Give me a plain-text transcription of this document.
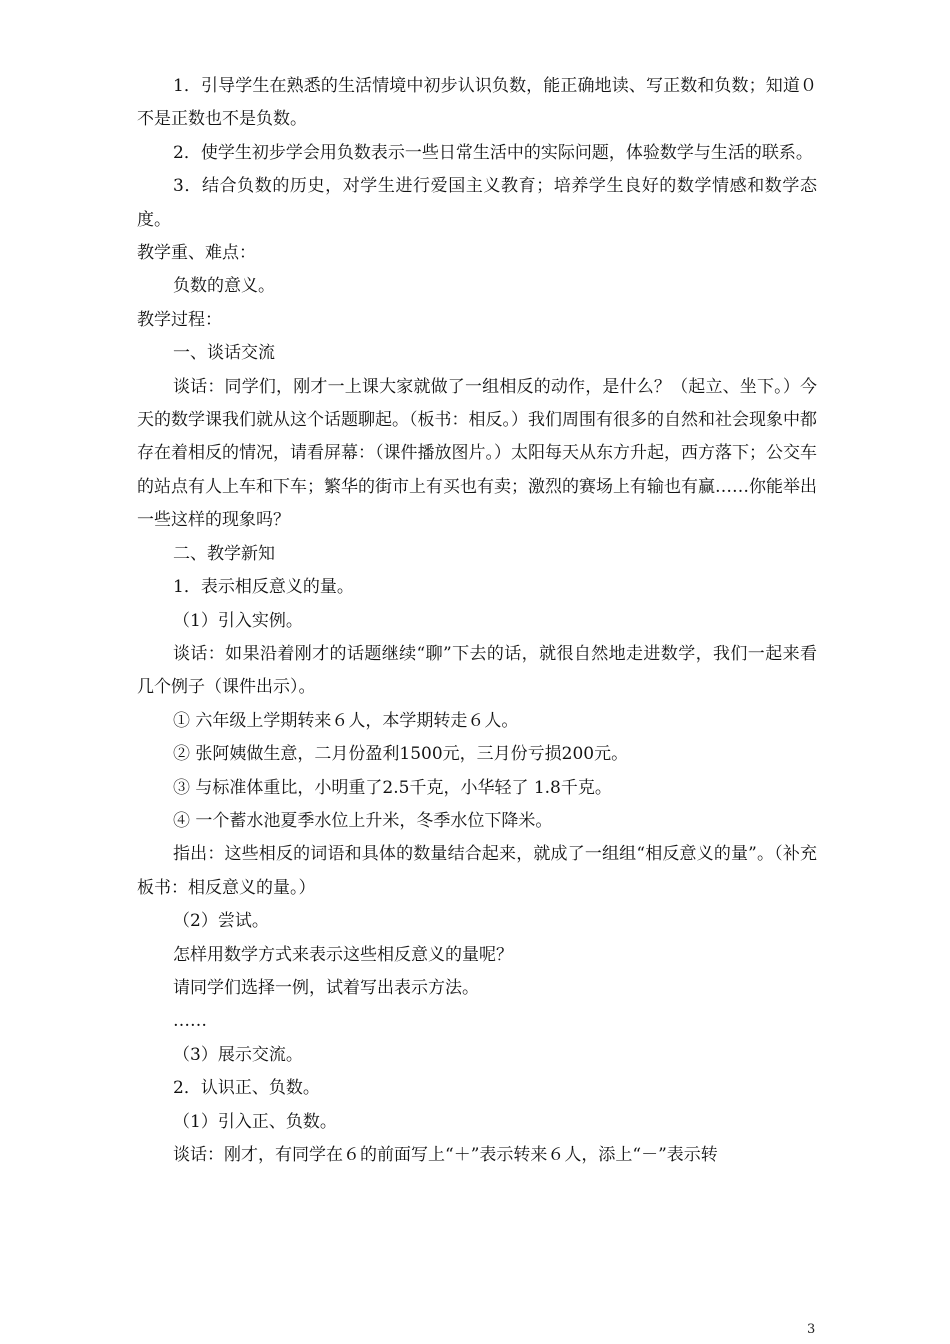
1．引导学生在熟悉的生活情境中初步认识负数，能正确地读、写正数和负数；知道０不是正数也不是负数。

2．使学生初步学会用负数表示一些日常生活中的实际问题，体验数学与生活的联系。

3．结合负数的历史，对学生进行爱国主义教育；培养学生良好的数学情感和数学态度。

教学重、难点：

负数的意义。

教学过程：

一、谈话交流

谈话：同学们，刚才一上课大家就做了一组相反的动作，是什么？（起立、坐下。）今天的数学课我们就从这个话题聊起。（板书：相反。）我们周围有很多的自然和社会现象中都存在着相反的情况，请看屏幕：（课件播放图片。）太阳每天从东方升起，西方落下；公交车的站点有人上车和下车；繁华的街市上有买也有卖；激烈的赛场上有输也有赢……你能举出一些这样的现象吗？

二、教学新知

1．表示相反意义的量。

（1）引入实例。

谈话：如果沿着刚才的话题继续“聊”下去的话，就很自然地走进数学，我们一起来看几个例子（课件出示）。

① 六年级上学期转来６人，本学期转走６人。

② 张阿姨做生意，二月份盈利1500元，三月份亏损200元。

③ 与标准体重比，小明重了2.5千克，小华轻了 1.8千克。

④ 一个蓄水池夏季水位上升米，冬季水位下降米。

指出：这些相反的词语和具体的数量结合起来，就成了一组组“相反意义的量”。（补充板书：相反意义的量。）

（2）尝试。

怎样用数学方式来表示这些相反意义的量呢？

请同学们选择一例，试着写出表示方法。

……

（3）展示交流。

2．认识正、负数。

（1）引入正、负数。

谈话：刚才，有同学在６的前面写上“＋”表示转来６人，添上“－”表示转

3
